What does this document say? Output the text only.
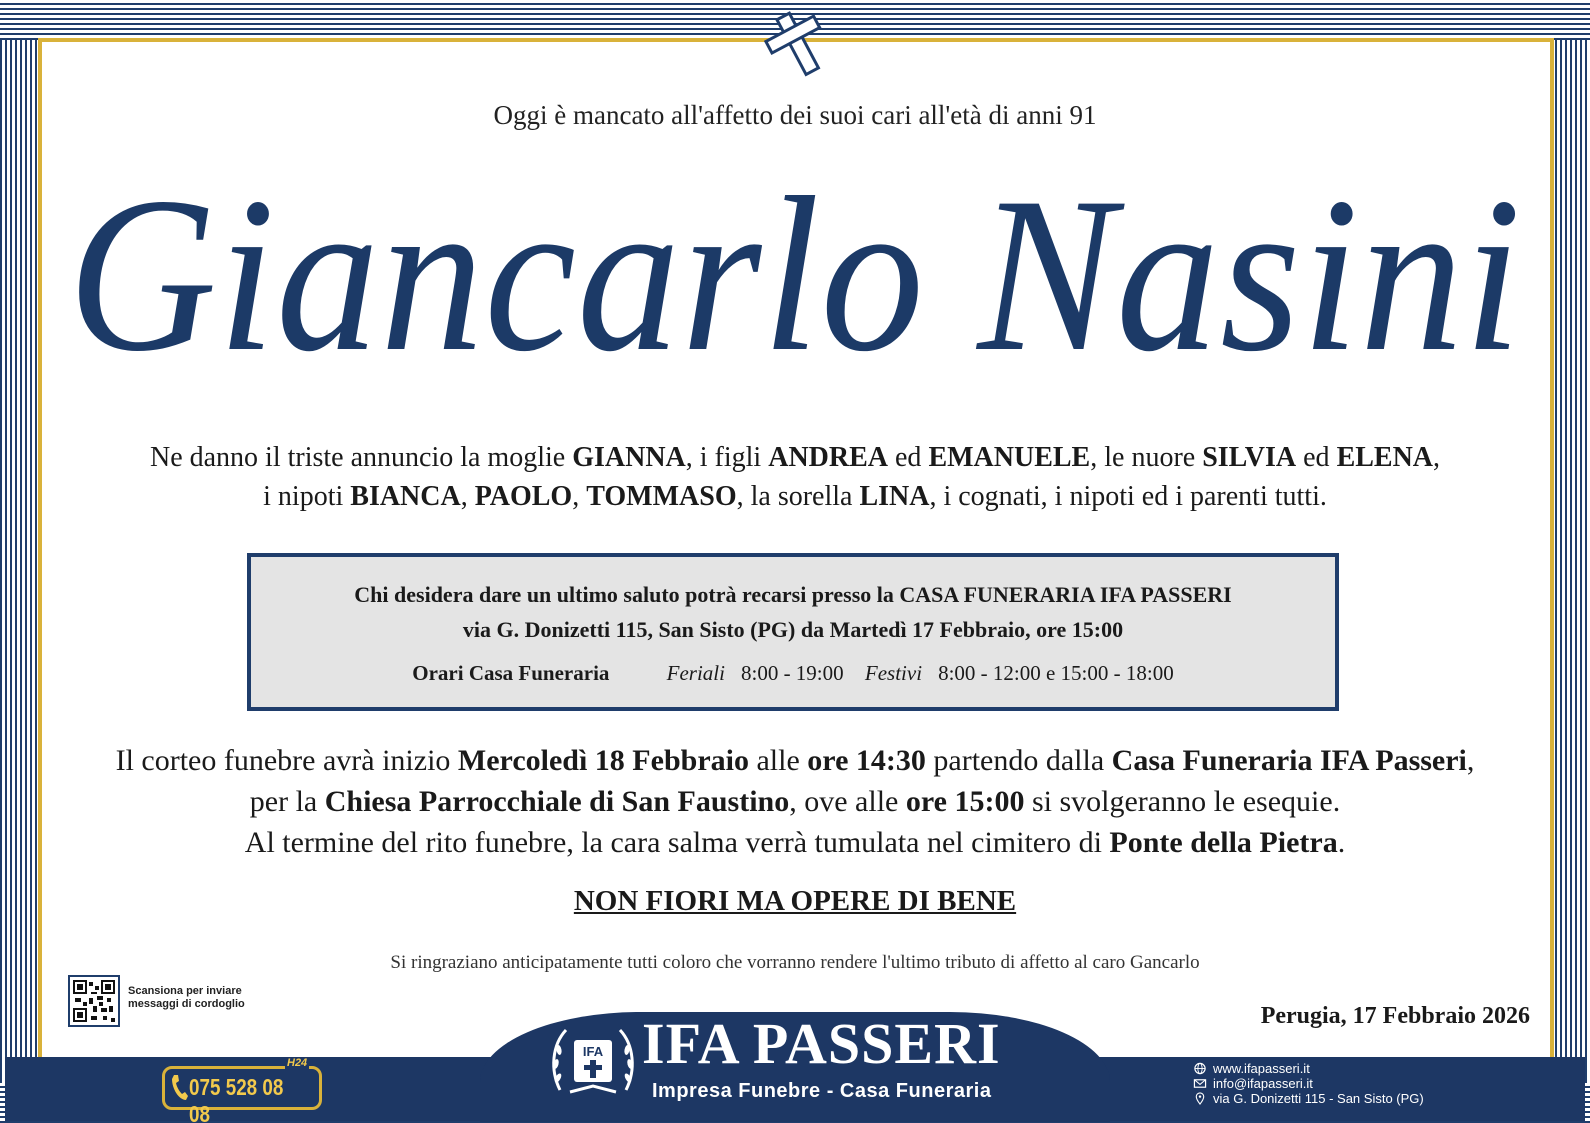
Oggi è mancato all'affetto dei suoi cari all'età di anni 91
Giancarlo Nasini
Ne danno il triste annuncio la moglie GIANNA, i figli ANDREA ed EMANUELE, le nuore SILVIA ed ELENA,
i nipoti BIANCA, PAOLO, TOMMASO, la sorella LINA, i cognati, i nipoti ed i parenti tutti.
Chi desidera dare un ultimo saluto potrà recarsi presso la CASA FUNERARIA IFA PASSERI
via G. Donizetti 115, San Sisto (PG) da Martedì 17 Febbraio, ore 15:00
Orari Casa Funeraria	Feriali 8:00 - 19:00 Festivi 8:00 - 12:00 e 15:00 - 18:00
Il corteo funebre avrà inizio Mercoledì 18 Febbraio alle ore 14:30 partendo dalla Casa Funeraria IFA Passeri,
per la Chiesa Parrocchiale di San Faustino, ove alle ore 15:00 si svolgeranno le esequie.
Al termine del rito funebre, la cara salma verrà tumulata nel cimitero di Ponte della Pietra.
NON FIORI MA OPERE DI BENE
Si ringraziano anticipatamente tutti coloro che vorranno rendere l'ultimo tributo di affetto al caro Gancarlo
Scansiona per inviare
messaggi di cordoglio	Perugia, 17 Febbraio 2026
IFA IFA PASSERI
Impresa Funebre - Casa Funeraria
075 528 08 08
H24	www.ifapasseri.it
info@ifapasseri.it
via G. Donizetti 115 - San Sisto (PG)
